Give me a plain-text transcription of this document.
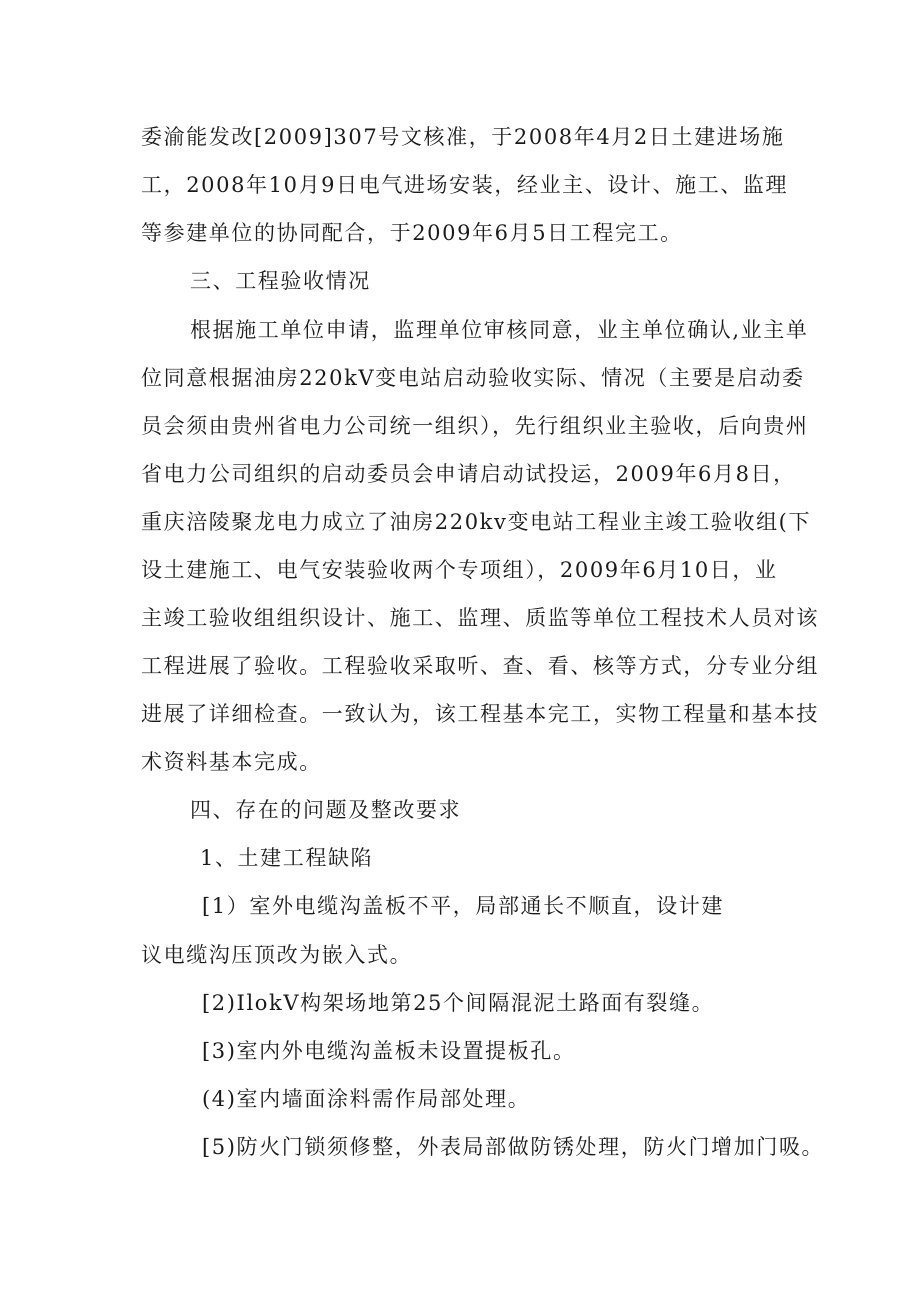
委渝能发改[2009]307号文核准，于2008年4月2日土建进场施
工，2008年10月9日电气进场安装，经业主、设计、施工、监理
等参建单位的协同配合，于2009年6月5日工程完工。
三、工程验收情况
根据施工单位申请，监理单位审核同意，业主单位确认,业主单
位同意根据油房220kV变电站启动验收实际、情况（主要是启动委
员会须由贵州省电力公司统一组织），先行组织业主验收，后向贵州
省电力公司组织的启动委员会申请启动试投运，2009年6月8日，
重庆涪陵聚龙电力成立了油房220kv变电站工程业主竣工验收组(下
设土建施工、电气安装验收两个专项组），2009年6月10日，业
主竣工验收组组织设计、施工、监理、质监等单位工程技术人员对该
工程进展了验收。工程验收采取听、查、看、核等方式，分专业分组
进展了详细检查。一致认为，该工程基本完工，实物工程量和基本技
术资料基本完成。
四、存在的问题及整改要求
1、土建工程缺陷
[1）室外电缆沟盖板不平，局部通长不顺直，设计建
议电缆沟压顶改为嵌入式。
[2)IlokV构架场地第25个间隔混泥土路面有裂缝。
[3)室内外电缆沟盖板未设置提板孔。
(4)室内墙面涂料需作局部处理。
[5)防火门锁须修整，外表局部做防锈处理，防火门增加门吸。
